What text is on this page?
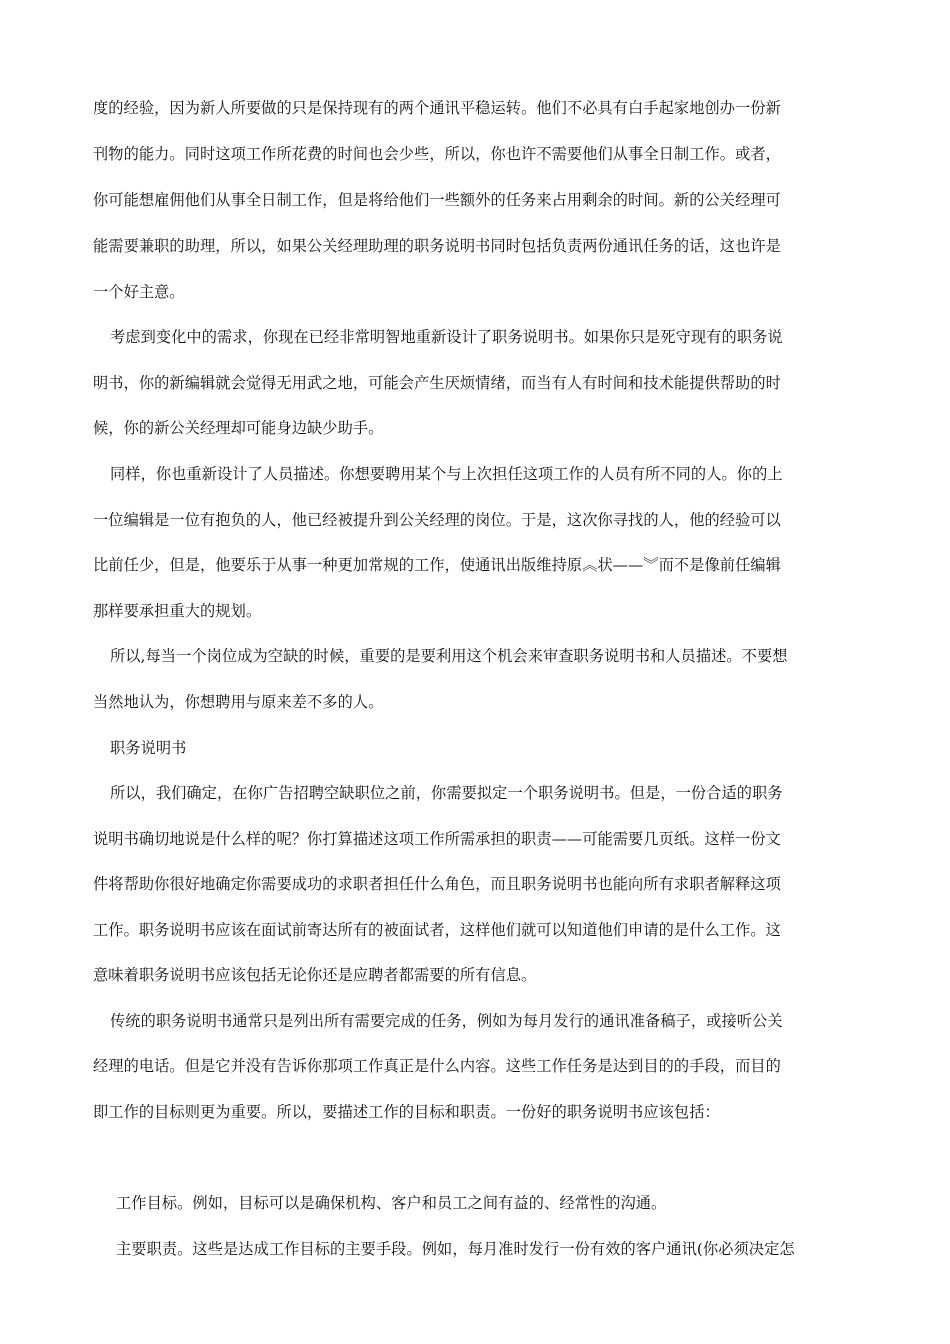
度的经验，因为新人所要做的只是保持现有的两个通讯平稳运转。他们不必具有白手起家地创办一份新

刊物的能力。同时这项工作所花费的时间也会少些，所以，你也许不需要他们从事全日制工作。或者，

你可能想雇佣他们从事全日制工作，但是将给他们一些额外的任务来占用剩余的时间。新的公关经理可

能需要兼职的助理，所以，如果公关经理助理的职务说明书同时包括负责两份通讯任务的话，这也许是

一个好主意。

考虑到变化中的需求，你现在已经非常明智地重新设计了职务说明书。如果你只是死守现有的职务说

明书，你的新编辑就会觉得无用武之地，可能会产生厌烦情绪，而当有人有时间和技术能提供帮助的时

候，你的新公关经理却可能身边缺少助手。

同样，你也重新设计了人员描述。你想要聘用某个与上次担任这项工作的人员有所不同的人。你的上

一位编辑是一位有抱负的人，他已经被提升到公关经理的岗位。于是，这次你寻找的人，他的经验可以

比前任少，但是，他要乐于从事一种更加常规的工作，使通讯出版维持原︽状——︾而不是像前任编辑

那样要承担重大的规划。

所以,每当一个岗位成为空缺的时候，重要的是要利用这个机会来审查职务说明书和人员描述。不要想

当然地认为，你想聘用与原来差不多的人。

职务说明书

所以，我们确定，在你广告招聘空缺职位之前，你需要拟定一个职务说明书。但是，一份合适的职务

说明书确切地说是什么样的呢？你打算描述这项工作所需承担的职责——可能需要几页纸。这样一份文

件将帮助你很好地确定你需要成功的求职者担任什么角色，而且职务说明书也能向所有求职者解释这项

工作。职务说明书应该在面试前寄达所有的被面试者，这样他们就可以知道他们申请的是什么工作。这

意味着职务说明书应该包括无论你还是应聘者都需要的所有信息。

传统的职务说明书通常只是列出所有需要完成的任务，例如为每月发行的通讯准备稿子，或接听公关

经理的电话。但是它并没有告诉你那项工作真正是什么内容。这些工作任务是达到目的的手段，而目的

即工作的目标则更为重要。所以，要描述工作的目标和职责。一份好的职务说明书应该包括：

工作目标。例如，目标可以是确保机构、客户和员工之间有益的、经常性的沟通。

主要职责。这些是达成工作目标的主要手段。例如，每月准时发行一份有效的客户通讯(你必须决定怎
